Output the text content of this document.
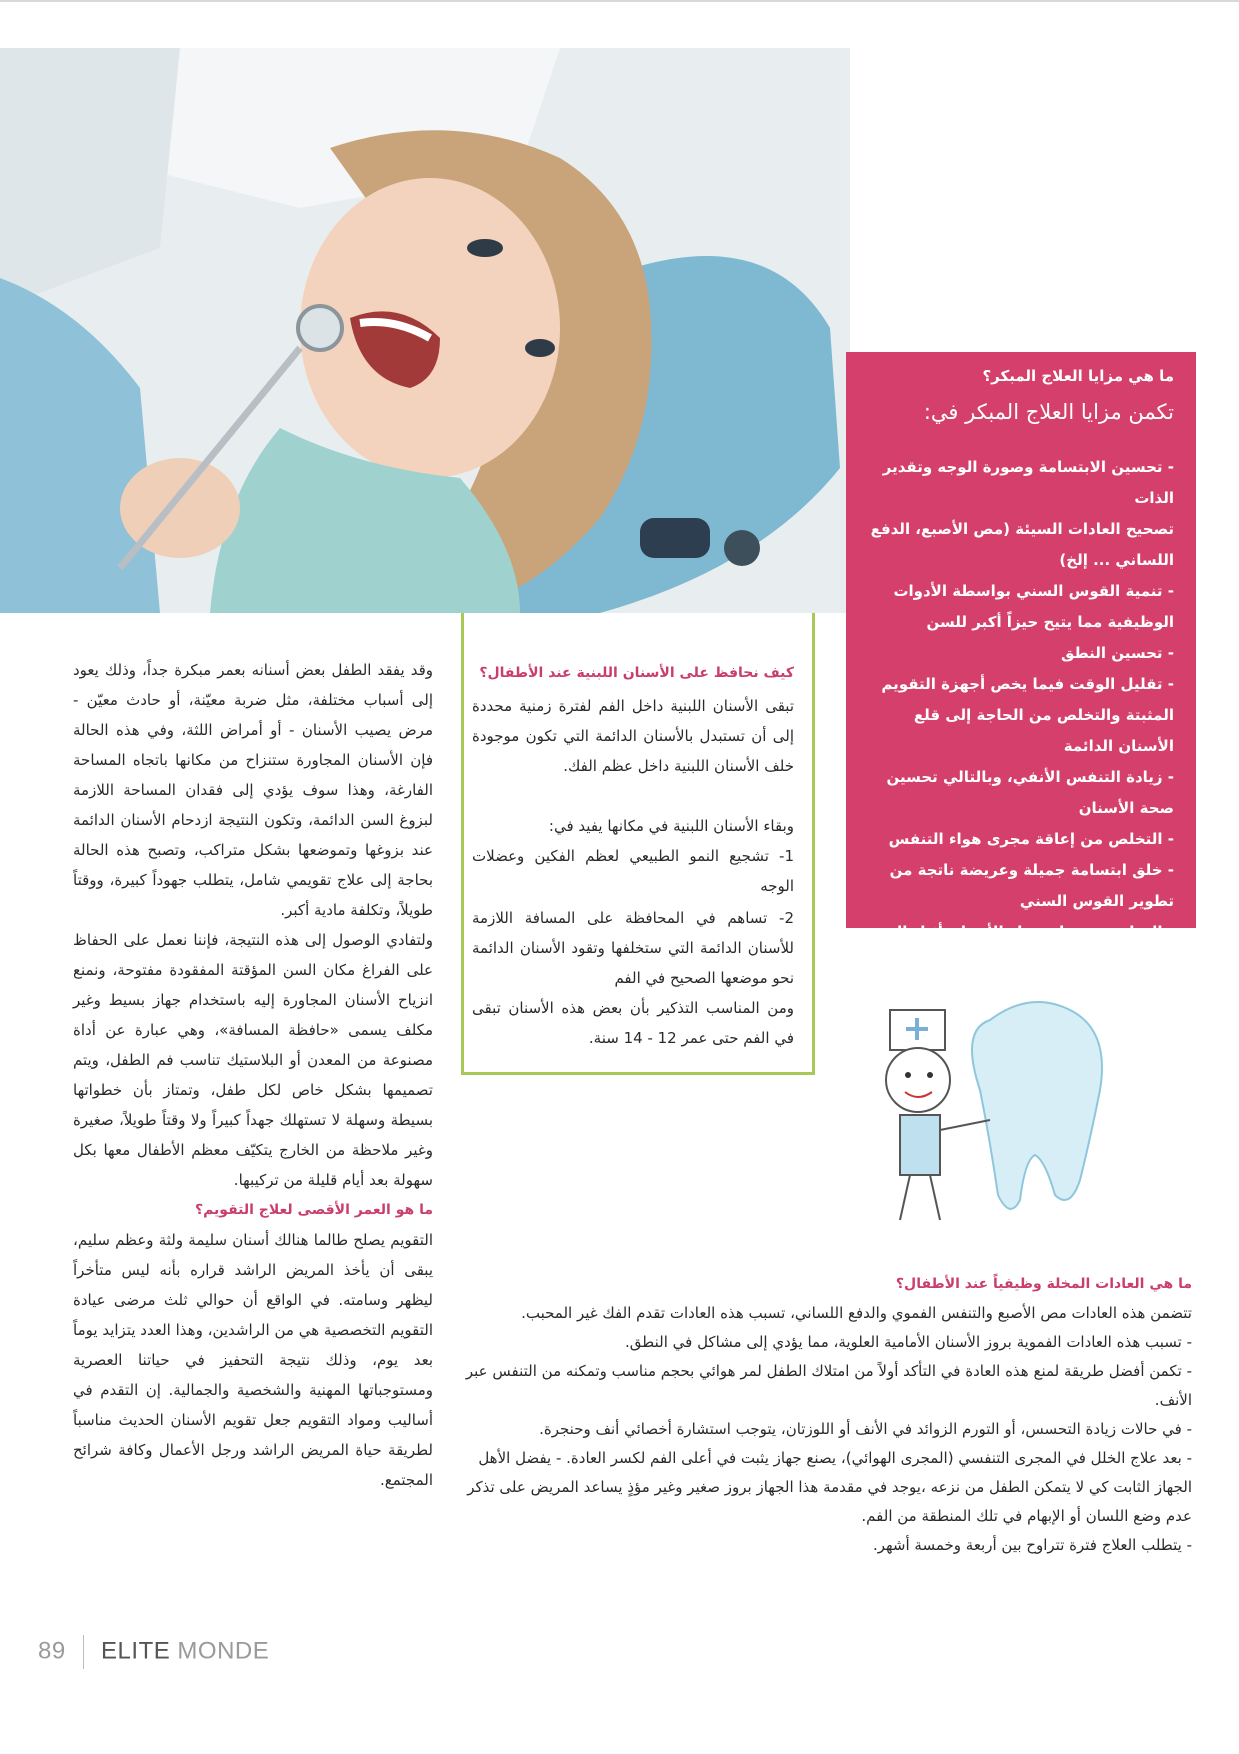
ما هي مزايا العلاج المبكر؟
تكمن مزايا العلاج المبكر في:
- تحسين الابتسامة وصورة الوجه وتقدير الذات
تصحيح العادات السيئة (مص الأصبع، الدفع اللساني ... إلخ)
- تنمية القوس السني بواسطة الأدوات الوظيفية مما يتيح حيزاً أكبر للسن
- تحسين النطق
- تقليل الوقت فيما يخص أجهزة التقويم المثبتة والتخلص من الحاجة إلى قلع الأسنان الدائمة
- زيادة التنفس الأنفي، وبالتالي تحسين صحة الأسنان
- التخلص من إعاقة مجرى هواء التنفس
- خلق ابتسامة جميلة وعريضة ناتجة من تطوير القوس السني
- التخلص من عادة صك الأسنان أثناء النوم
- يمنع حدوث آلام الرأس والأذن
كيف نحافظ على الأسنان اللبنية عند الأطفال؟
تبقى الأسنان اللبنية داخل الفم لفترة زمنية محددة إلى أن تستبدل بالأسنان الدائمة التي تكون موجودة خلف الأسنان اللبنية داخل عظم الفك.
وبقاء الأسنان اللبنية في مكانها يفيد في:
1- تشجيع النمو الطبيعي لعظم الفكين وعضلات الوجه
2- تساهم في المحافظة على المسافة اللازمة للأسنان الدائمة التي ستخلفها وتقود الأسنان الدائمة نحو موضعها الصحيح في الفم
ومن المناسب التذكير بأن بعض هذه الأسنان تبقى في الفم حتى عمر 12 - 14 سنة.

وقد يفقد الطفل بعض أسنانه بعمر مبكرة جداً، وذلك يعود إلى أسباب مختلفة، مثل ضربة معيّنة، أو حادث معيّن - مرض يصيب الأسنان - أو أمراض اللثة، وفي هذه الحالة فإن الأسنان المجاورة ستنزاح من مكانها باتجاه المساحة الفارغة، وهذا سوف يؤدي إلى فقدان المساحة اللازمة لبزوغ السن الدائمة، وتكون النتيجة ازدحام الأسنان الدائمة عند بزوغها وتموضعها بشكل متراكب، وتصبح هذه الحالة بحاجة إلى علاج تقويمي شامل، يتطلب جهوداً كبيرة، ووقتاً طويلاً، وتكلفة مادية أكبر.

ولتفادي الوصول إلى هذه النتيجة، فإننا نعمل على الحفاظ على الفراغ مكان السن المؤقتة المفقودة مفتوحة، ونمنع انزياح الأسنان المجاورة إليه باستخدام جهاز بسيط وغير مكلف يسمى «حافظة المسافة»، وهي عبارة عن أداة مصنوعة من المعدن أو البلاستيك تناسب فم الطفل، ويتم تصميمها بشكل خاص لكل طفل، وتمتاز بأن خطواتها بسيطة وسهلة لا تستهلك جهداً كبيراً ولا وقتاً طويلاً، صغيرة وغير ملاحظة من الخارج يتكيّف معظم الأطفال معها بكل سهولة بعد أيام قليلة من تركيبها.

ما هو العمر الأقصى لعلاج التقويم؟

التقويم يصلح طالما هنالك أسنان سليمة ولثة وعظم سليم، يبقى أن يأخذ المريض الراشد قراره بأنه ليس متأخراً ليظهر وسامته. في الواقع أن حوالي ثلث مرضى عيادة التقويم التخصصية هي من الراشدين، وهذا العدد يتزايد يوماً بعد يوم، وذلك نتيجة التحفيز في حياتنا العصرية ومستوجباتها المهنية والشخصية والجمالية. إن التقدم في أساليب ومواد التقويم جعل تقويم الأسنان الحديث مناسباً لطريقة حياة المريض الراشد ورجل الأعمال وكافة شرائح المجتمع.

ما هي العادات المخلة وظيفياً عند الأطفال؟

تتضمن هذه العادات مص الأصبع والتنفس الفموي والدفع اللساني، تسبب هذه العادات تقدم الفك غير المحبب.

- تسبب هذه العادات الفموية بروز الأسنان الأمامية العلوية، مما يؤدي إلى مشاكل في النطق.

- تكمن أفضل طريقة لمنع هذه العادة في التأكد أولاً من امتلاك الطفل لمر هوائي بحجم مناسب وتمكنه من التنفس عبر الأنف.

- في حالات زيادة التحسس، أو التورم الزوائد في الأنف أو اللوزتان، يتوجب استشارة أخصائي أنف وحنجرة.

- بعد علاج الخلل في المجرى التنفسي (المجرى الهوائي)، يصنع جهاز يثبت في أعلى الفم لكسر العادة. - يفضل الأهل الجهاز الثابت كي لا يتمكن الطفل من نزعه ،يوجد في مقدمة هذا الجهاز بروز صغير وغير مؤذٍ يساعد المريض على تذكر عدم وضع اللسان أو الإبهام في تلك المنطقة من الفم.

- يتطلب العلاج فترة تتراوح بين أربعة وخمسة أشهر.

89 ELITE MONDE
